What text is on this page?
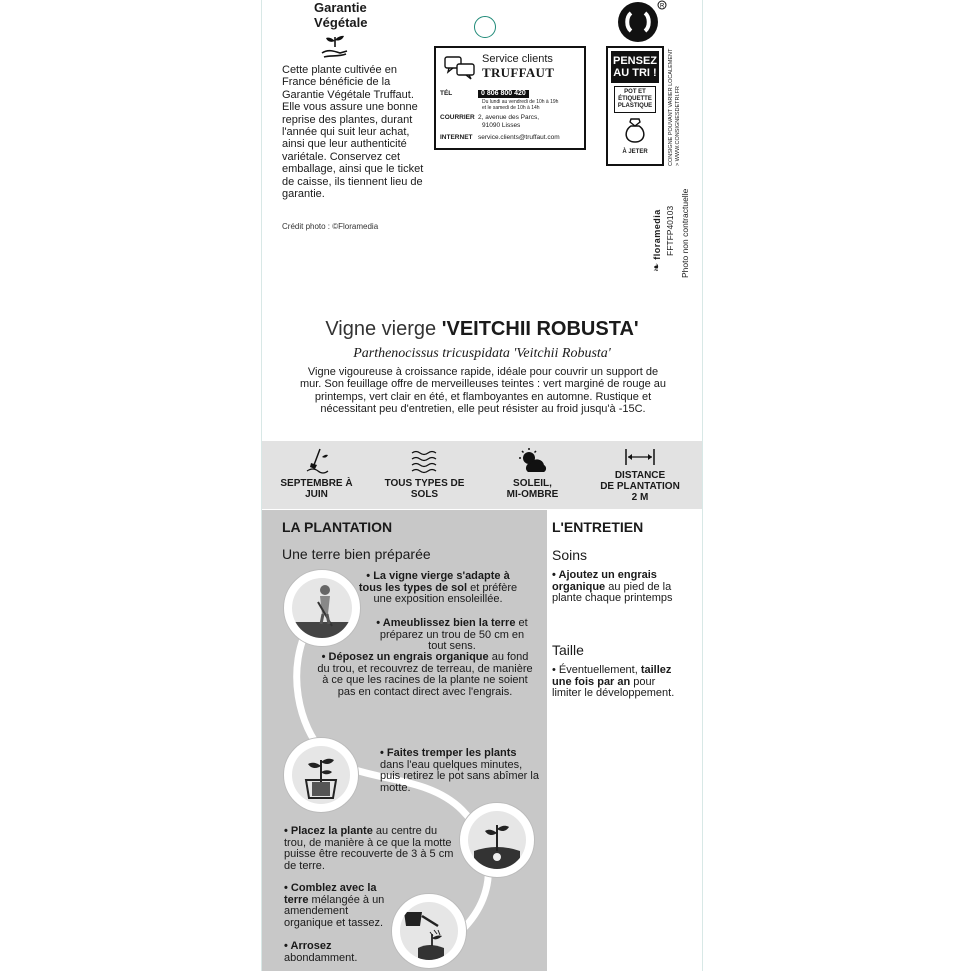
Garantie
Végétale
Cette plante cultivée en France bénéficie de la Garantie Végétale Truffaut. Elle vous assure une bonne reprise des plantes, durant l'année qui suit leur achat, ainsi que leur authenticité variétale. Conservez cet emballage, ainsi que le ticket de caisse, ils tiennent lieu de garantie.
Crédit photo : ©Floramedia
Service clients
TRUFFAUT
TÉL	0 806 800 420
Du lundi au vendredi de 10h à 19h
et le samedi de 10h à 14h
COURRIER 2, avenue des Parcs,
91090 Lisses
INTERNET service.clients@truffaut.com
R
PENSEZ
AU TRI !
POT ET
ÉTIQUETTE
PLASTIQUE
À JETER	CONSIGNE POUVANT VARIER LOCALEMENT > WWW.CONSIGNESDETRI.FR
❧ floramedia FFTFP40103 Photo non contractuelle
Vigne vierge 'VEITCHII ROBUSTA'
Parthenocissus tricuspidata 'Veitchii Robusta'
Vigne vigoureuse à croissance rapide, idéale pour couvrir un support de mur. Son feuillage offre de merveilleuses teintes : vert marginé de rouge au printemps, vert clair en été, et flamboyantes en automne. Rustique et nécessitant peu d'entretien, elle peut résister au froid jusqu'à -15C.
SEPTEMBRE À
JUIN
TOUS TYPES DE
SOLS
SOLEIL,
MI-OMBRE
DISTANCE
DE PLANTATION
2 M
LA PLANTATION
Une terre bien préparée
• La vigne vierge s'adapte à tous les types de sol et préfère une exposition ensoleillée.
• Ameublissez bien la terre et préparez un trou de 50 cm en tout sens.
• Déposez un engrais organique au fond du trou, et recouvrez de terreau, de manière à ce que les racines de la plante ne soient pas en contact direct avec l'engrais.
• Faites tremper les plants dans l'eau quelques minutes, puis retirez le pot sans abîmer la motte.
• Placez la plante au centre du trou, de manière à ce que la motte puisse être recouverte de 3 à 5 cm de terre.
• Comblez avec la terre mélangée à un amendement organique et tassez.
• Arrosez abondamment.
L'ENTRETIEN
Soins
• Ajoutez un engrais organique au pied de la plante chaque printemps
Taille
• Éventuellement, taillez une fois par an pour limiter le développement.
